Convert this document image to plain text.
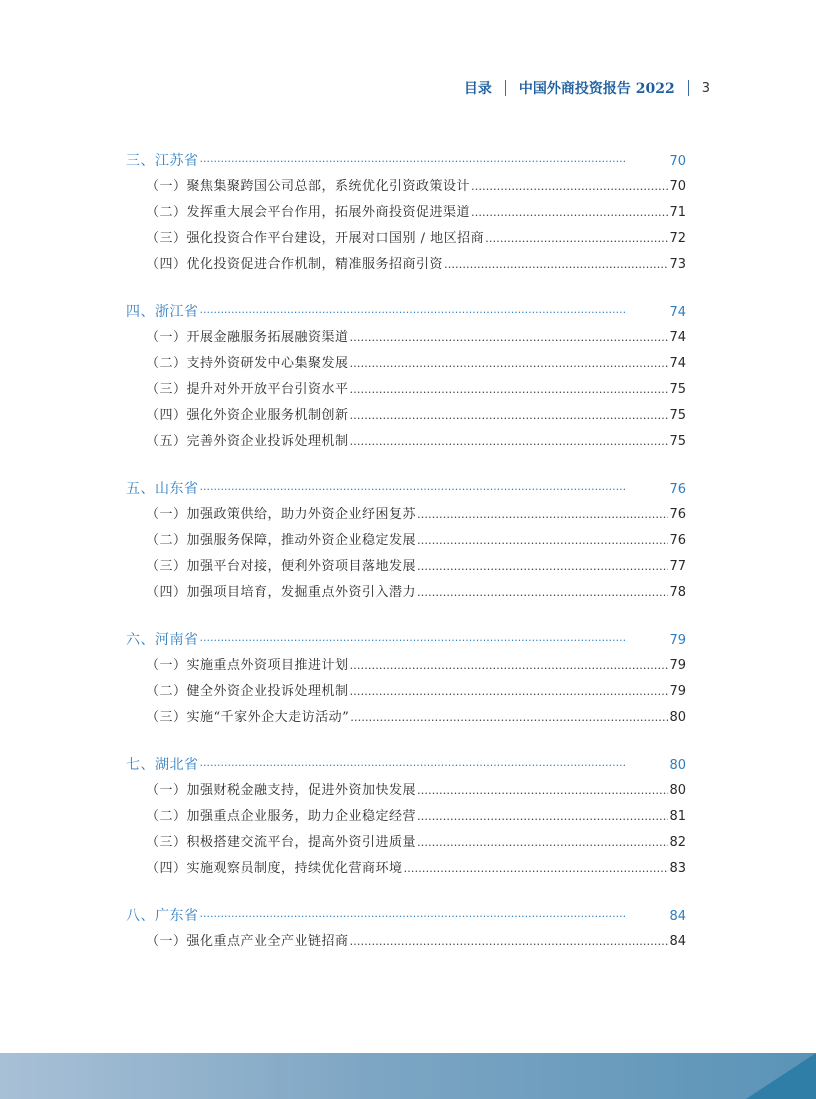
目录 中国外商投资报告 2022 3
三、江苏省 ·····	70
（一）聚焦集聚跨国公司总部，系统优化引资政策设计 ………………………………………………………………………………………………………………………………………………………	70
（二）发挥重大展会平台作用，拓展外商投资促进渠道 ………………………………………………………………………………………………………………………………………………………	71
（三）强化投资合作平台建设，开展对口国别 / 地区招商 ………………………………………………………………………………………………………………………………………………………	72
（四）优化投资促进合作机制，精准服务招商引资 ………………………………………………………………………………………………………………………………………………………	73
四、浙江省 ·····	74
（一）开展金融服务拓展融资渠道 ………………………………………………………………………………………………………………………………………………………	74
（二）支持外资研发中心集聚发展 ………………………………………………………………………………………………………………………………………………………	74
（三）提升对外开放平台引资水平 ………………………………………………………………………………………………………………………………………………………	75
（四）强化外资企业服务机制创新 ………………………………………………………………………………………………………………………………………………………	75
（五）完善外资企业投诉处理机制 ………………………………………………………………………………………………………………………………………………………	75
五、山东省 ·····	76
（一）加强政策供给，助力外资企业纾困复苏 ………………………………………………………………………………………………………………………………………………………	76
（二）加强服务保障，推动外资企业稳定发展 ………………………………………………………………………………………………………………………………………………………	76
（三）加强平台对接，便利外资项目落地发展 ………………………………………………………………………………………………………………………………………………………	77
（四）加强项目培育，发掘重点外资引入潜力 ………………………………………………………………………………………………………………………………………………………	78
六、河南省 ·····	79
（一）实施重点外资项目推进计划 ………………………………………………………………………………………………………………………………………………………	79
（二）健全外资企业投诉处理机制 ………………………………………………………………………………………………………………………………………………………	79
（三）实施“千家外企大走访活动” ………………………………………………………………………………………………………………………………………………………	80
七、湖北省 ·····	80
（一）加强财税金融支持，促进外资加快发展 ………………………………………………………………………………………………………………………………………………………	80
（二）加强重点企业服务，助力企业稳定经营 ………………………………………………………………………………………………………………………………………………………	81
（三）积极搭建交流平台，提高外资引进质量 ………………………………………………………………………………………………………………………………………………………	82
（四）实施观察员制度，持续优化营商环境 ………………………………………………………………………………………………………………………………………………………	83
八、广东省 ·····	84
（一）强化重点产业全产业链招商 ………………………………………………………………………………………………………………………………………………………	84
